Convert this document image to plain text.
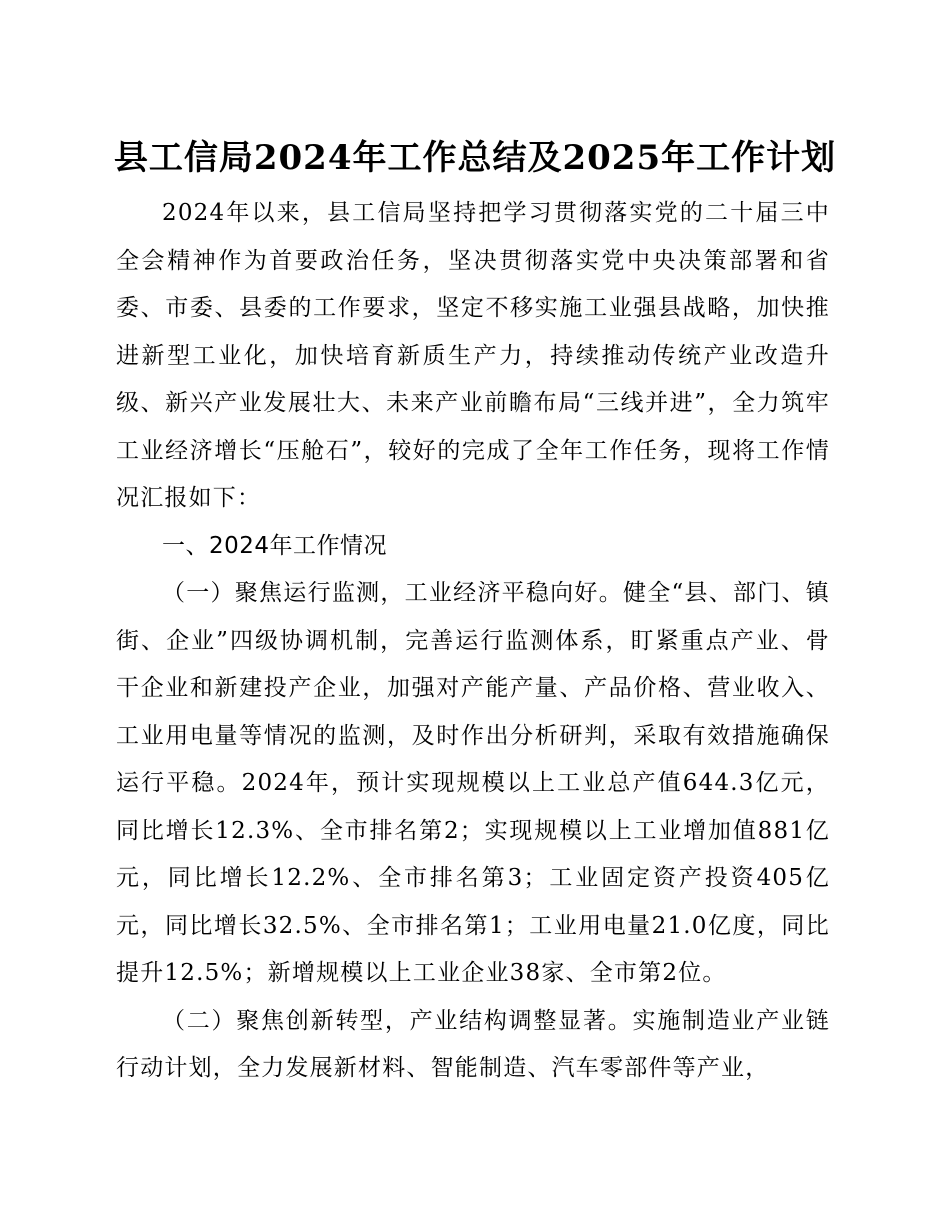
县工信局2024年工作总结及2025年工作计划

2024年以来，县工信局坚持把学习贯彻落实党的二十届三中全会精神作为首要政治任务，坚决贯彻落实党中央决策部署和省委、市委、县委的工作要求，坚定不移实施工业强县战略，加快推进新型工业化，加快培育新质生产力，持续推动传统产业改造升级、新兴产业发展壮大、未来产业前瞻布局“三线并进”，全力筑牢工业经济增长“压舱石”，较好的完成了全年工作任务，现将工作情况汇报如下：

一、2024年工作情况

（一）聚焦运行监测，工业经济平稳向好。健全“县、部门、镇街、企业”四级协调机制，完善运行监测体系，盯紧重点产业、骨干企业和新建投产企业，加强对产能产量、产品价格、营业收入、工业用电量等情况的监测，及时作出分析研判，采取有效措施确保运行平稳。2024年，预计实现规模以上工业总产值644.3亿元，同比增长12.3%、全市排名第2；实现规模以上工业增加值881亿元，同比增长12.2%、全市排名第3；工业固定资产投资405亿元，同比增长32.5%、全市排名第1；工业用电量21.0亿度，同比提升12.5%；新增规模以上工业企业38家、全市第2位。

（二）聚焦创新转型，产业结构调整显著。实施制造业产业链行动计划，全力发展新材料、智能制造、汽车零部件等产业，
